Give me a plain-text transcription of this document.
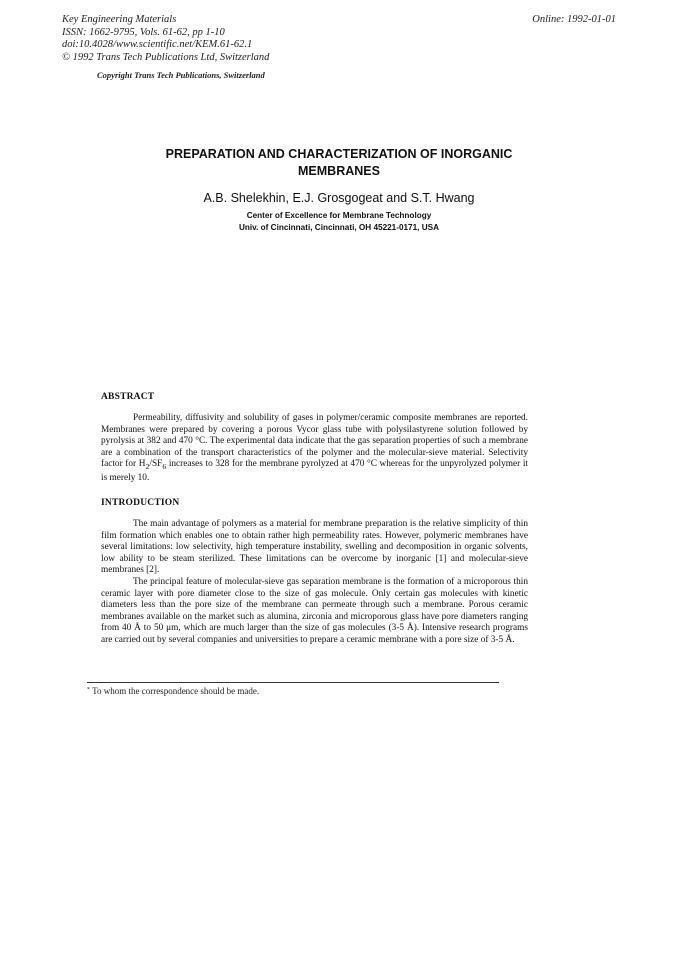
Key Engineering Materials
ISSN: 1662-9795, Vols. 61-62, pp 1-10
doi:10.4028/www.scientific.net/KEM.61-62.1
© 1992 Trans Tech Publications Ltd, Switzerland
Online: 1992-01-01
Copyright Trans Tech Publications, Switzerland
PREPARATION AND CHARACTERIZATION OF INORGANIC
MEMBRANES
A.B. Shelekhin, E.J. Grosgogeat and S.T. Hwang
Center of Excellence for Membrane Technology
Univ. of Cincinnati, Cincinnati, OH 45221-0171, USA
ABSTRACT

Permeability, diffusivity and solubility of gases in polymer/ceramic composite membranes are reported. Membranes were prepared by covering a porous Vycor glass tube with polysilastyrene solution followed by pyrolysis at 382 and 470 °C. The experimental data indicate that the gas separation properties of such a membrane are a combination of the transport characteristics of the polymer and the molecular-sieve material. Selectivity factor for $H_2/SF_6$ increases to 328 for the membrane pyrolyzed at 470 °C whereas for the unpyrolyzed polymer it is merely 10.

INTRODUCTION

The main advantage of polymers as a material for membrane preparation is the relative simplicity of thin film formation which enables one to obtain rather high permeability rates. However, polymeric membranes have several limitations: low selectivity, high temperature instability, swelling and decomposition in organic solvents, low ability to be steam sterilized. These limitations can be overcome by inorganic [1] and molecular-sieve membranes [2].

The principal feature of molecular-sieve gas separation membrane is the formation of a microporous thin ceramic layer with pore diameter close to the size of gas molecule. Only certain gas molecules with kinetic diameters less than the pore size of the membrane can permeate through such a membrane. Porous ceramic membranes available on the market such as alumina, zirconia and microporous glass have pore diameters ranging from 40 Å to 50 μm, which are much larger than the size of gas molecules (3-5 Å). Intensive research programs are carried out by several companies and universities to prepare a ceramic membrane with a pore size of 3-5 Å.

* To whom the correspondence should be made.
